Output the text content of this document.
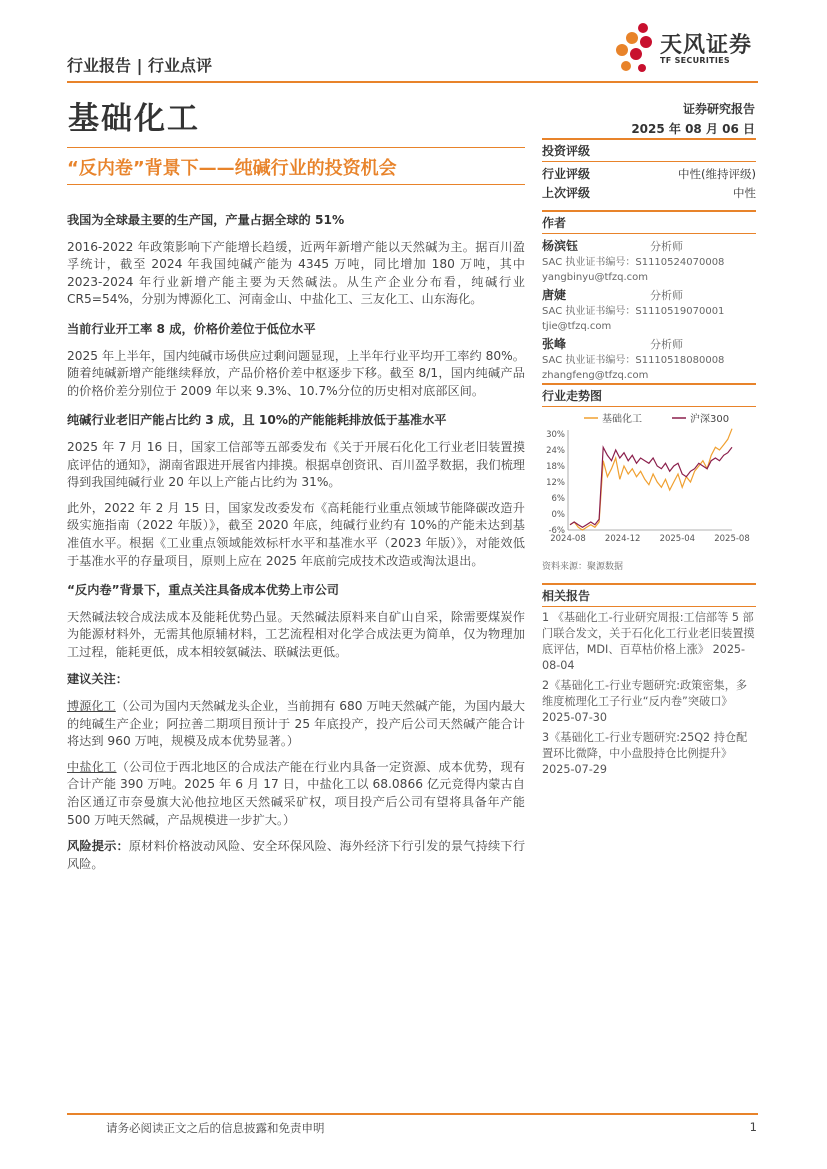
行业报告 | 行业点评
天风证券
TF SECURITIES
基础化工	证券研究报告
2025 年 08 月 06 日
“反内卷”背景下——纯碱行业的投资机会
我国为全球最主要的生产国，产量占据全球的 51%

2016-2022 年政策影响下产能增长趋缓，近两年新增产能以天然碱为主。据百川盈孚统计，截至 2024 年我国纯碱产能为 4345 万吨，同比增加 180 万吨，其中 2023-2024 年行业新增产能主要为天然碱法。从生产企业分布看，纯碱行业 CR5=54%，分别为博源化工、河南金山、中盐化工、三友化工、山东海化。

当前行业开工率 8 成，价格价差位于低位水平

2025 年上半年，国内纯碱市场供应过剩问题显现，上半年行业平均开工率约 80%。随着纯碱新增产能继续释放，产品价格价差中枢逐步下移。截至 8/1，国内纯碱产品的价格价差分别位于 2009 年以来 9.3%、10.7%分位的历史相对底部区间。

纯碱行业老旧产能占比约 3 成，且 10%的产能能耗排放低于基准水平

2025 年 7 月 16 日，国家工信部等五部委发布《关于开展石化化工行业老旧装置摸底评估的通知》，湖南省跟进开展省内排摸。根据卓创资讯、百川盈孚数据，我们梳理得到我国纯碱行业 20 年以上产能占比约为 31%。

此外，2022 年 2 月 15 日，国家发改委发布《高耗能行业重点领域节能降碳改造升级实施指南（2022 年版）》，截至 2020 年底，纯碱行业约有 10%的产能未达到基准值水平。根据《工业重点领域能效标杆水平和基准水平（2023 年版）》，对能效低于基准水平的存量项目，原则上应在 2025 年底前完成技术改造或淘汰退出。

“反内卷”背景下，重点关注具备成本优势上市公司

天然碱法较合成法成本及能耗优势凸显。天然碱法原料来自矿山自采，除需要煤炭作为能源材料外，无需其他原辅材料，工艺流程相对化学合成法更为简单，仅为物理加工过程，能耗更低，成本相较氨碱法、联碱法更低。

建议关注：

博源化工（公司为国内天然碱龙头企业，当前拥有 680 万吨天然碱产能，为国内最大的纯碱生产企业；阿拉善二期项目预计于 25 年底投产，投产后公司天然碱产能合计将达到 960 万吨，规模及成本优势显著。）

中盐化工（公司位于西北地区的合成法产能在行业内具备一定资源、成本优势，现有合计产能 390 万吨。2025 年 6 月 17 日，中盐化工以 68.0866 亿元竞得内蒙古自治区通辽市奈曼旗大沁他拉地区天然碱采矿权，项目投产后公司有望将具备年产能 500 万吨天然碱，产品规模进一步扩大。）

风险提示：原材料价格波动风险、安全环保风险、海外经济下行引发的景气持续下行风险。

投资评级
行业评级	中性(维持评级)
上次评级	中性
作者
杨滨钰	分析师
SAC 执业证书编号：S1110524070008
yangbinyu@tfzq.com
唐婕	分析师
SAC 执业证书编号：S1110519070001
tjie@tfzq.com
张峰	分析师
SAC 执业证书编号：S1110518080008
zhangfeng@tfzq.com
行业走势图
基础化工	沪深300
30%
24%
18%
12%
6%
0%
-6%
2024-08 2024-12 2025-04 2025-08
资料来源：聚源数据
相关报告
1 《基础化工-行业研究周报:工信部等 5 部门联合发文，关于石化化工行业老旧装置摸底评估，MDI、百草枯价格上涨》 2025-08-04
2《基础化工-行业专题研究:政策密集，多维度梳理化工子行业“反内卷”突破口》 2025-07-30
3《基础化工-行业专题研究:25Q2 持仓配置环比微降，中小盘股持仓比例提升》 2025-07-29
请务必阅读正文之后的信息披露和免责申明	1
